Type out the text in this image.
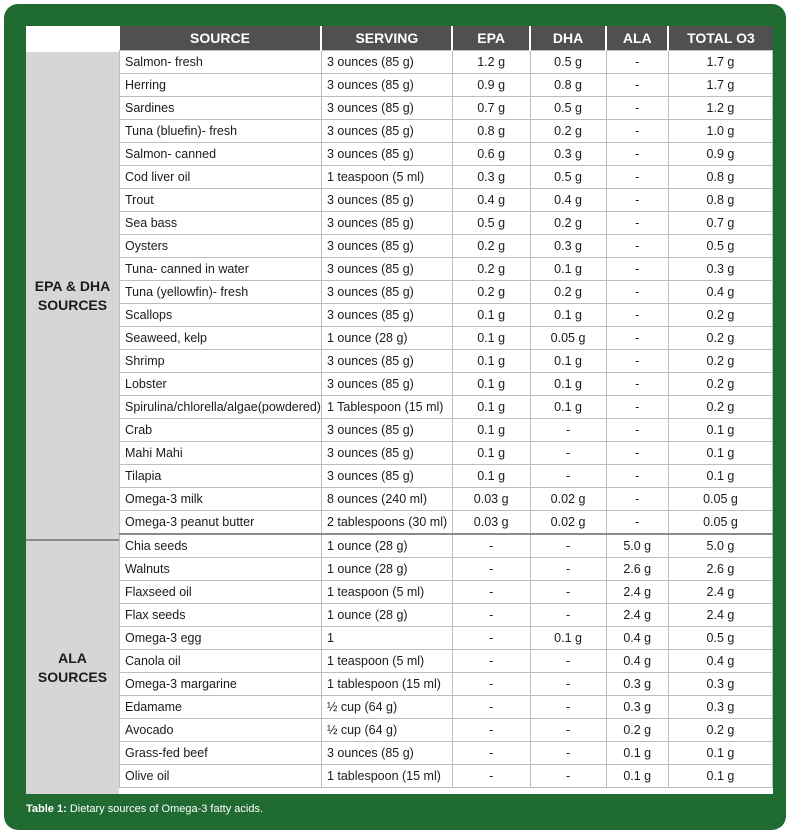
EPA & DHA
SOURCES
ALA
SOURCES
SOURCE	SERVING	EPA	DHA	ALA	TOTAL O3
Salmon- fresh	3 ounces (85 g)	1.2 g	0.5 g	-	1.7 g
Herring	3 ounces (85 g)	0.9 g	0.8 g	-	1.7 g
Sardines	3 ounces (85 g)	0.7 g	0.5 g	-	1.2 g
Tuna (bluefin)- fresh	3 ounces (85 g)	0.8 g	0.2 g	-	1.0 g
Salmon- canned	3 ounces (85 g)	0.6 g	0.3 g	-	0.9 g
Cod liver oil	1 teaspoon (5 ml)	0.3 g	0.5 g	-	0.8 g
Trout	3 ounces (85 g)	0.4 g	0.4 g	-	0.8 g
Sea bass	3 ounces (85 g)	0.5 g	0.2 g	-	0.7 g
Oysters	3 ounces (85 g)	0.2 g	0.3 g	-	0.5 g
Tuna- canned in water	3 ounces (85 g)	0.2 g	0.1 g	-	0.3 g
Tuna (yellowfin)- fresh	3 ounces (85 g)	0.2 g	0.2 g	-	0.4 g
Scallops	3 ounces (85 g)	0.1 g	0.1 g	-	0.2 g
Seaweed, kelp	1 ounce (28 g)	0.1 g	0.05 g	-	0.2 g
Shrimp	3 ounces (85 g)	0.1 g	0.1 g	-	0.2 g
Lobster	3 ounces (85 g)	0.1 g	0.1 g	-	0.2 g
Spirulina/chlorella/algae(powdered)	1 Tablespoon (15 ml)	0.1 g	0.1 g	-	0.2 g
Crab	3 ounces (85 g)	0.1 g	-	-	0.1 g
Mahi Mahi	3 ounces (85 g)	0.1 g	-	-	0.1 g
Tilapia	3 ounces (85 g)	0.1 g	-	-	0.1 g
Omega-3 milk	8 ounces (240 ml)	0.03 g	0.02 g	-	0.05 g
Omega-3 peanut butter	2 tablespoons (30 ml)	0.03 g	0.02 g	-	0.05 g
Chia seeds	1 ounce (28 g)	-	-	5.0 g	5.0 g
Walnuts	1 ounce (28 g)	-	-	2.6 g	2.6 g
Flaxseed oil	1 teaspoon (5 ml)	-	-	2.4 g	2.4 g
Flax seeds	1 ounce (28 g)	-	-	2.4 g	2.4 g
Omega-3 egg	1	-	0.1 g	0.4 g	0.5 g
Canola oil	1 teaspoon (5 ml)	-	-	0.4 g	0.4 g
Omega-3 margarine	1 tablespoon (15 ml)	-	-	0.3 g	0.3 g
Edamame	½ cup (64 g)	-	-	0.3 g	0.3 g
Avocado	½ cup (64 g)	-	-	0.2 g	0.2 g
Grass-fed beef	3 ounces (85 g)	-	-	0.1 g	0.1 g
Olive oil	1 tablespoon (15 ml)	-	-	0.1 g	0.1 g
Table 1: Dietary sources of Omega-3 fatty acids.
